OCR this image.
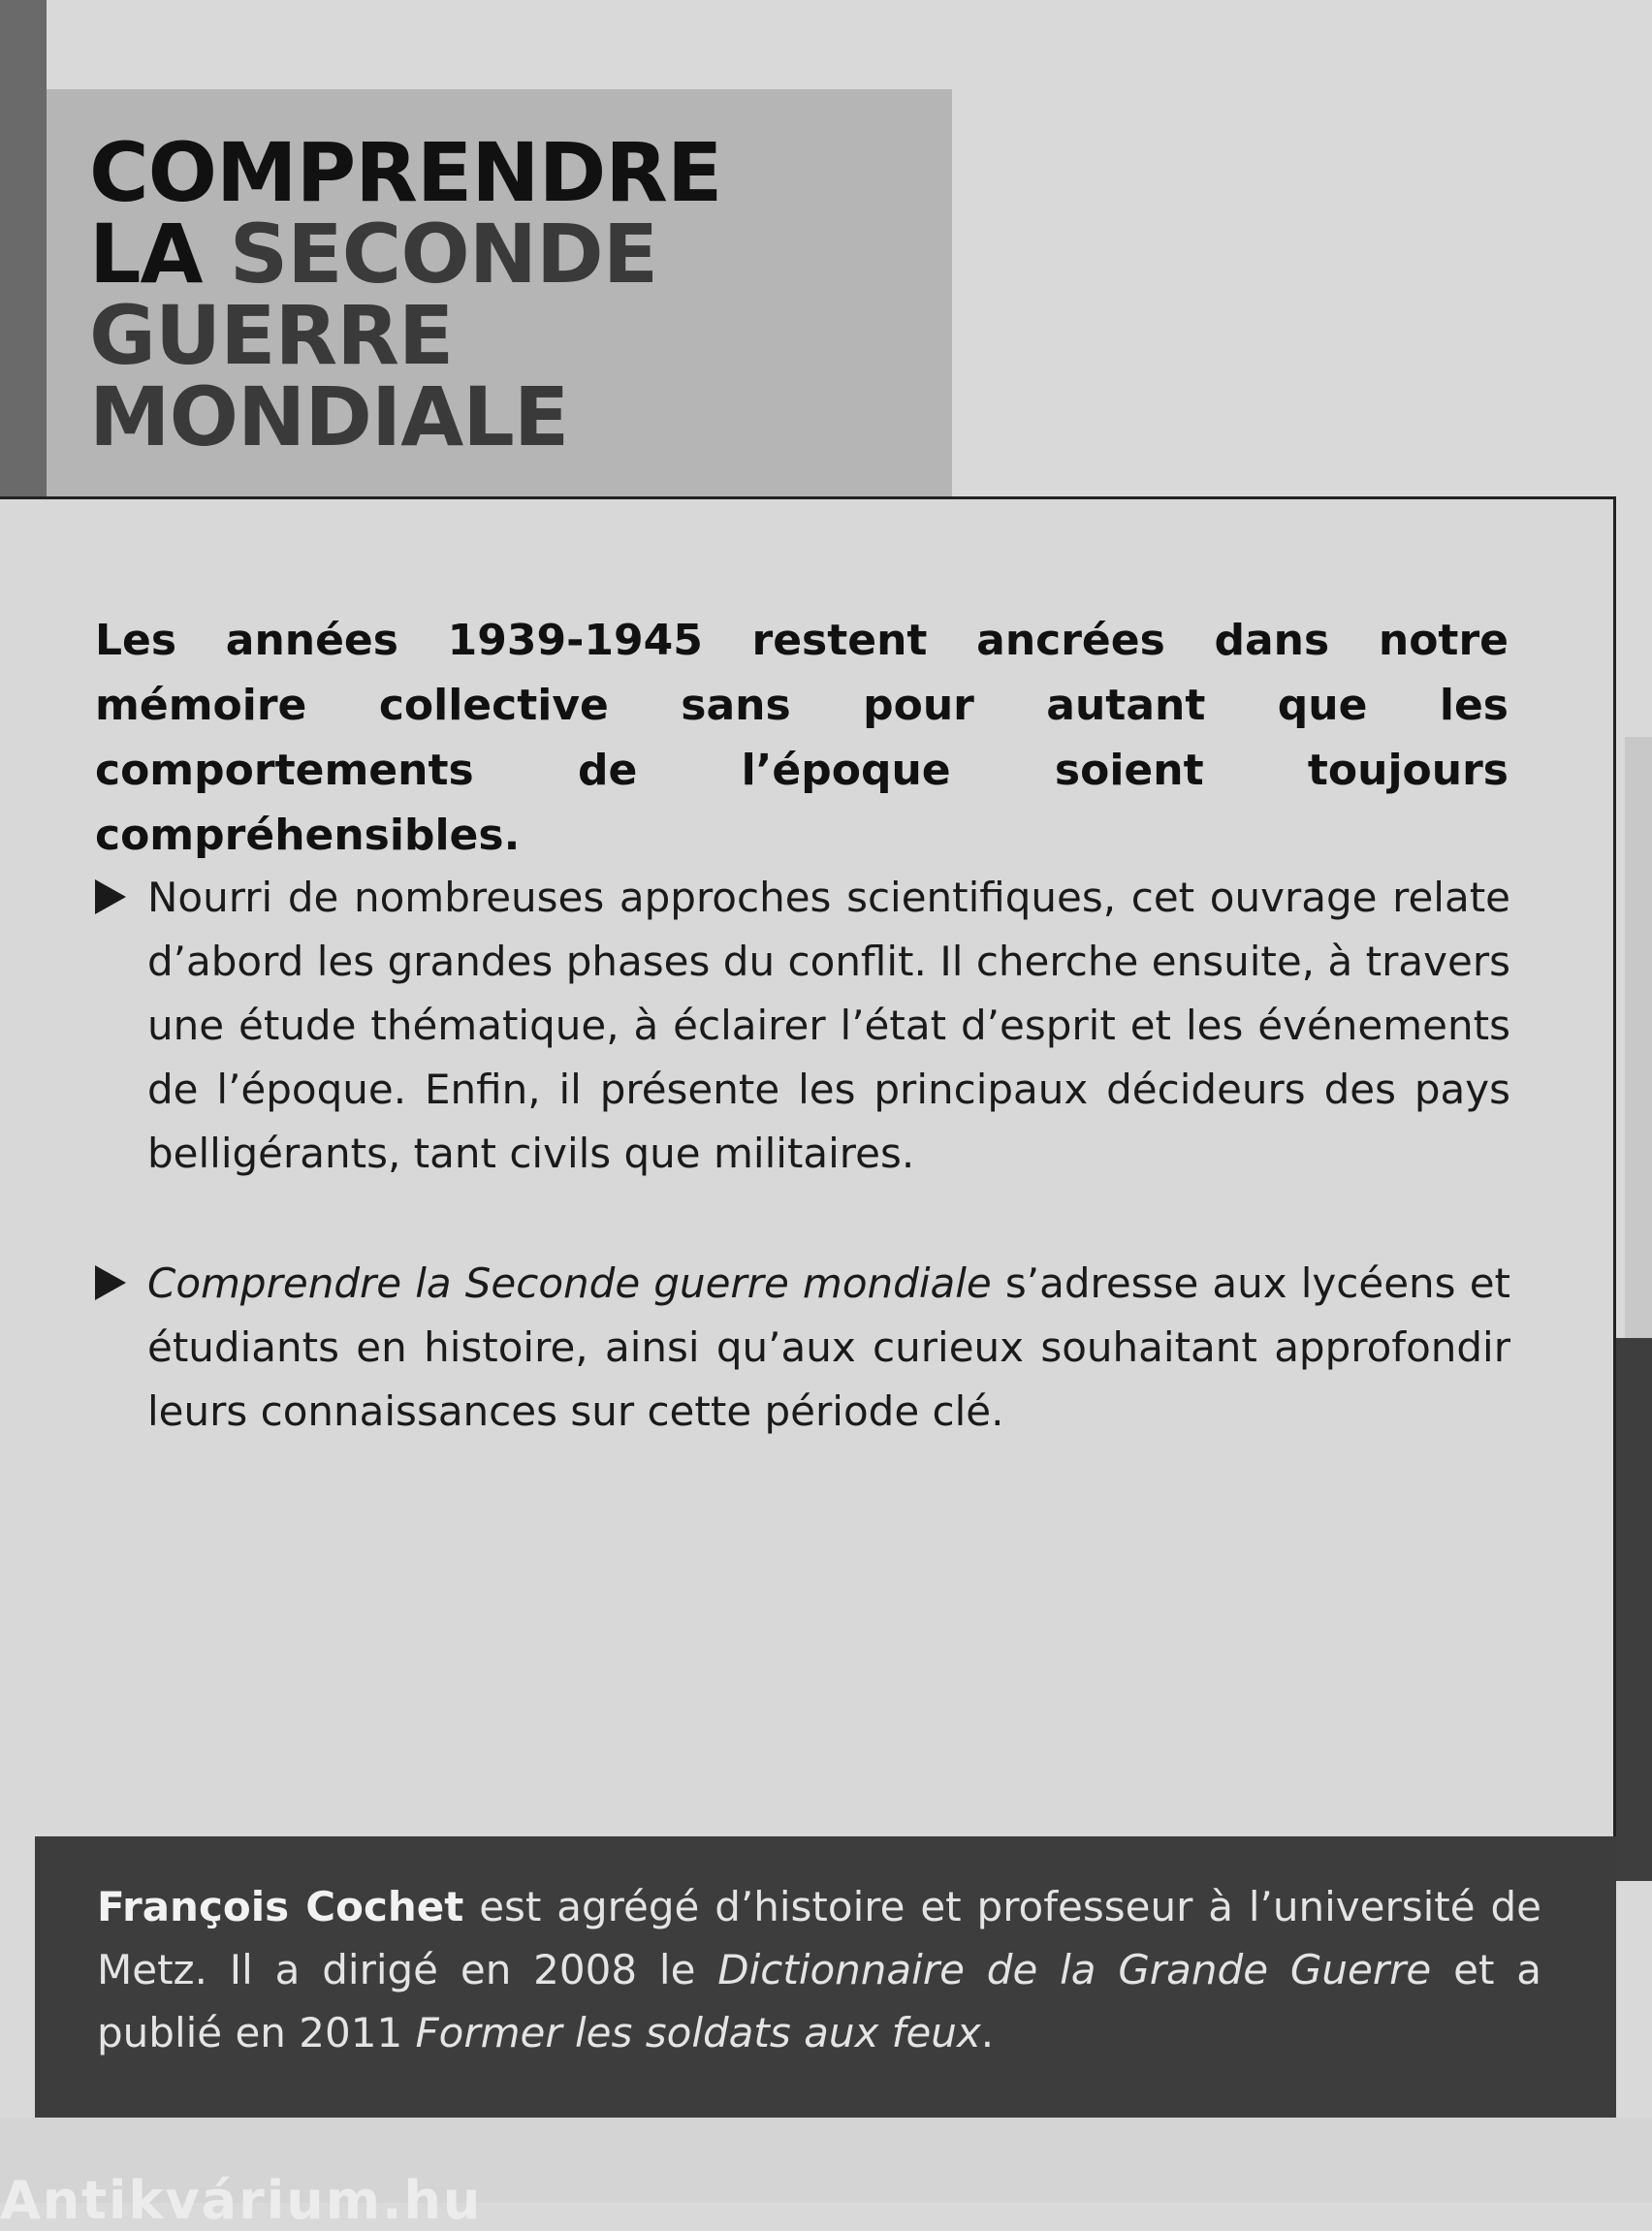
COMPRENDRE
LA SECONDE
GUERRE
MONDIALE

Les années 1939-1945 restent ancrées dans notre mémoire collective sans pour autant que les comportements de l’époque soient toujours compréhensibles.

Nourri de nombreuses approches scientifiques, cet ouvrage relate d’abord les grandes phases du conflit. Il cherche ensuite, à travers une étude thématique, à éclairer l’état d’esprit et les événements de l’époque. Enfin, il présente les principaux décideurs des pays belligérants, tant civils que militaires.

Comprendre la Seconde guerre mondiale s’adresse aux lycéens et étudiants en histoire, ainsi qu’aux curieux souhaitant approfondir leurs connaissances sur cette période clé.

François Cochet est agrégé d’histoire et professeur à l’université de Metz. Il a dirigé en 2008 le Dictionnaire de la Grande Guerre et a publié en 2011 Former les soldats aux feux.

Antikvárium.hu
